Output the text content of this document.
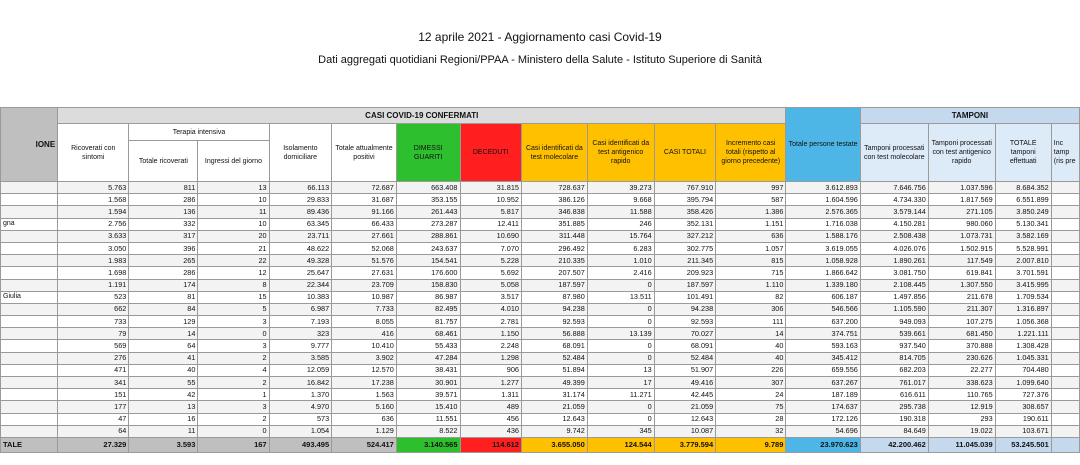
12 aprile 2021 - Aggiornamento casi Covid-19
Dati aggregati quotidiani Regioni/PPAA - Ministero della Salute - Istituto Superiore di Sanità
IONE	CASI COVID-19 CONFERMATI											Totale persone testate	TAMPONI			
	Ricoverati con sintomi	Terapia intensiva		Isolamento domiciliare	Totale attualmente positivi	DIMESSI GUARITI	DECEDUTI	Casi identificati da test molecolare	Casi identificati da test antigenico rapido	CASI TOTALI	Incremento casi totali (rispetto al giorno precedente)		Tamponi processati con test molecolare	Tamponi processati con test antigenico rapido	TOTALE tamponi effettuati	Inc tamp (ris pre
		Totale ricoverati	Ingressi del giorno													
	5.763	811	13	66.113	72.687	663.408	31.815	728.637	39.273	767.910	997	3.612.893	7.646.756	1.037.596	8.684.352	
	1.568	286	10	29.833	31.687	353.155	10.952	386.126	9.668	395.794	587	1.604.596	4.734.330	1.817.569	6.551.899	
	1.594	136	11	89.436	91.166	261.443	5.817	346.838	11.588	358.426	1.386	2.576.365	3.579.144	271.105	3.850.249	
gna	2.756	332	10	63.345	66.433	273.287	12.411	351.885	246	352.131	1.151	1.716.038	4.150.281	980.060	5.130.341	
	3.633	317	20	23.711	27.661	288.861	10.690	311.448	15.764	327.212	636	1.588.176	2.508.438	1.073.731	3.582.169	
	3.050	396	21	48.622	52.068	243.637	7.070	296.492	6.283	302.775	1.057	3.619.055	4.026.076	1.502.915	5.528.991	
	1.983	265	22	49.328	51.576	154.541	5.228	210.335	1.010	211.345	815	1.058.928	1.890.261	117.549	2.007.810	
	1.698	286	12	25.647	27.631	176.600	5.692	207.507	2.416	209.923	715	1.866.642	3.081.750	619.841	3.701.591	
	1.191	174	8	22.344	23.709	158.830	5.058	187.597	0	187.597	1.110	1.339.180	2.108.445	1.307.550	3.415.995	
Giulia	523	81	15	10.383	10.987	86.987	3.517	87.980	13.511	101.491	82	606.187	1.497.856	211.678	1.709.534	
	662	84	5	6.987	7.733	82.495	4.010	94.238	0	94.238	306	546.566	1.105.590	211.307	1.316.897	
	733	129	3	7.193	8.055	81.757	2.781	92.593	0	92.593	111	637.200	949.093	107.275	1.056.368	
	79	14	0	323	416	68.461	1.150	56.888	13.139	70.027	14	374.751	539.661	681.450	1.221.111	
	569	64	3	9.777	10.410	55.433	2.248	68.091	0	68.091	40	593.163	937.540	370.888	1.308.428	
	276	41	2	3.585	3.902	47.284	1.298	52.484	0	52.484	40	345.412	814.705	230.626	1.045.331	
	471	40	4	12.059	12.570	38.431	906	51.894	13	51.907	226	659.556	682.203	22.277	704.480	
	341	55	2	16.842	17.238	30.901	1.277	49.399	17	49.416	307	637.267	761.017	338.623	1.099.640	
	151	42	1	1.370	1.563	39.571	1.311	31.174	11.271	42.445	24	187.189	616.611	110.765	727.376	
	177	13	3	4.970	5.160	15.410	489	21.059	0	21.059	75	174.637	295.738	12.919	308.657	
	47	16	2	573	636	11.551	456	12.643	0	12.643	28	172.126	190.318	293	190.611	
	64	11	0	1.054	1.129	8.522	436	9.742	345	10.087	32	54.696	84.649	19.022	103.671	
TALE	27.329	3.593	167	493.495	524.417	3.140.565	114.612	3.655.050	124.544	3.779.594	9.789	23.970.623	42.200.462	11.045.039	53.245.501	
